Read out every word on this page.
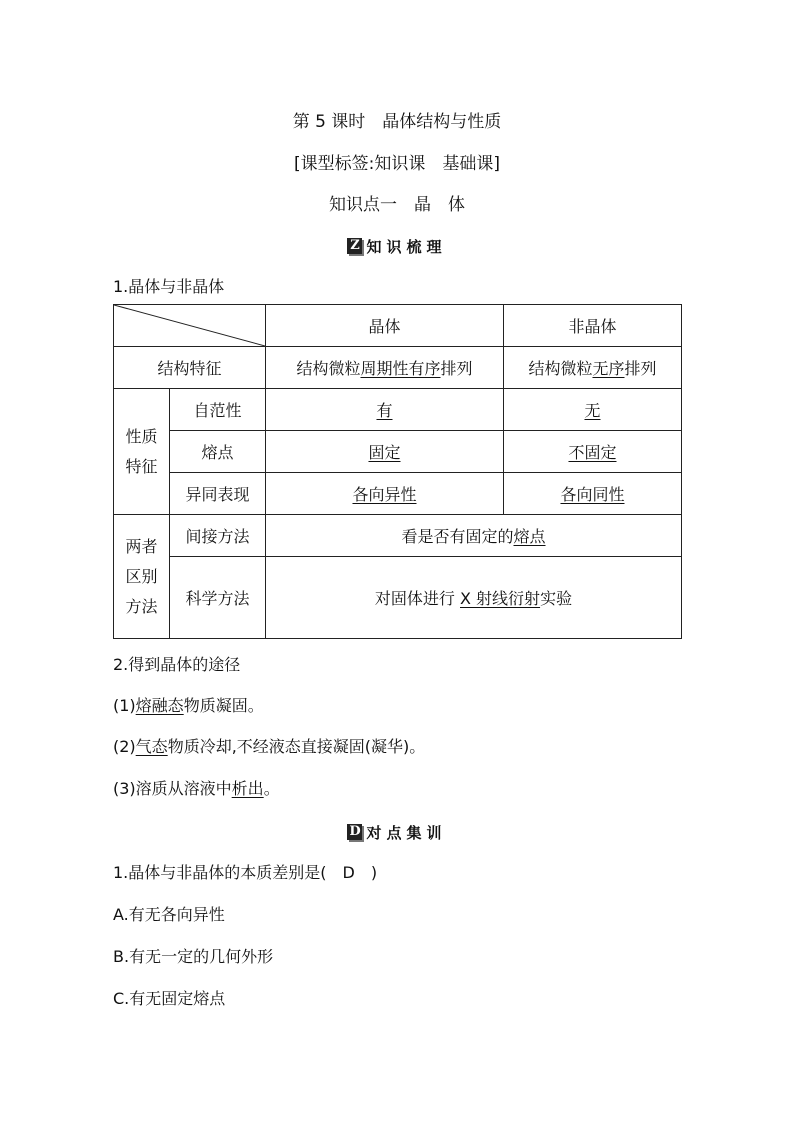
第 5 课时　晶体结构与性质
[课型标签:知识课　基础课]
知识点一　晶　体
Z 知识梳理
1.晶体与非晶体
	晶体	非晶体
结构特征		结构微粒周期性有序排列	结构微粒无序排列
性质
特征	自范性	有	无
	熔点	固定	不固定
	异同表现	各向异性	各向同性
两者
区别
方法	间接方法	看是否有固定的熔点	
	科学方法	对固体进行 X 射线衍射实验	
2.得到晶体的途径
(1)熔融态物质凝固。
(2)气态物质冷却,不经液态直接凝固(凝华)。
(3)溶质从溶液中析出。
D 对点集训
1.晶体与非晶体的本质差别是(　D　)
A.有无各向异性
B.有无一定的几何外形
C.有无固定熔点
